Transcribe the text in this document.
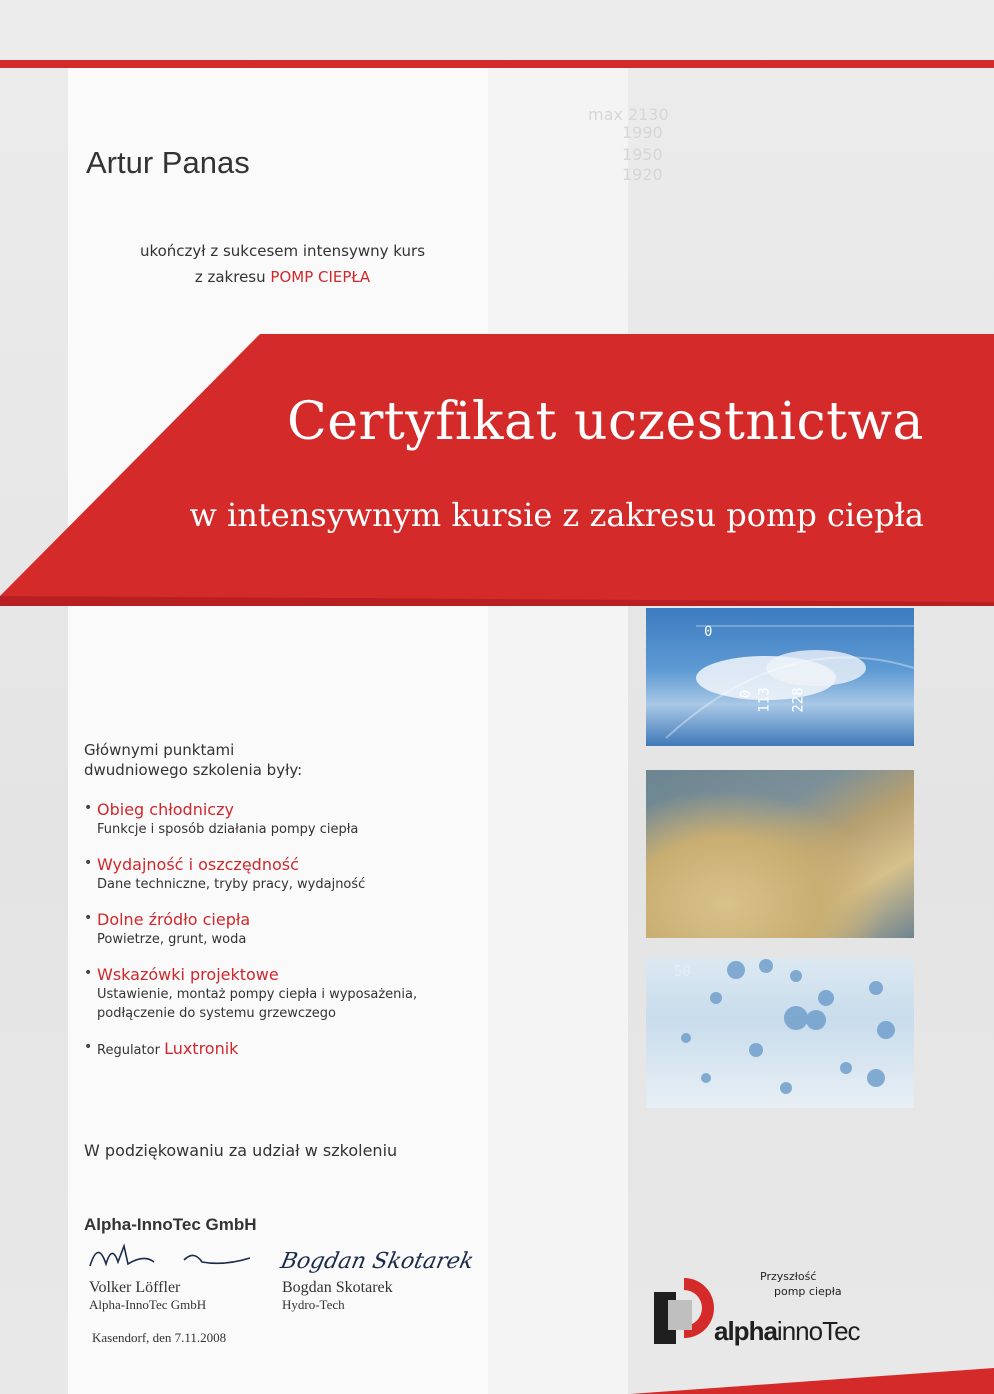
max 2130
1990
1950
1920
Artur Panas
ukończył z sukcesem intensywny kurs
z zakresu POMP CIEPŁA
Certyfikat uczestnictwa
w intensywnym kursie z zakresu pomp ciepła
0
0 113 228
50
Głównymi punktami
dwudniowego szkolenia były:
• Obieg chłodniczy
Funkcje i sposób działania pompy ciepła
• Wydajność i oszczędność
Dane techniczne, tryby pracy, wydajność
• Dolne źródło ciepła
Powietrze, grunt, woda
• Wskazówki projektowe
Ustawienie, montaż pompy ciepła i wyposażenia,
podłączenie do systemu grzewczego
• Regulator Luxtronik
W podziękowaniu za udział w szkoleniu
Alpha-InnoTec GmbH
Bogdan Skotarek
Volker Löffler
Alpha-InnoTec GmbH
Bogdan Skotarek
Hydro-Tech
Kasendorf, den 7.11.2008
Przyszłość
pomp ciepła
alphainnoTec
